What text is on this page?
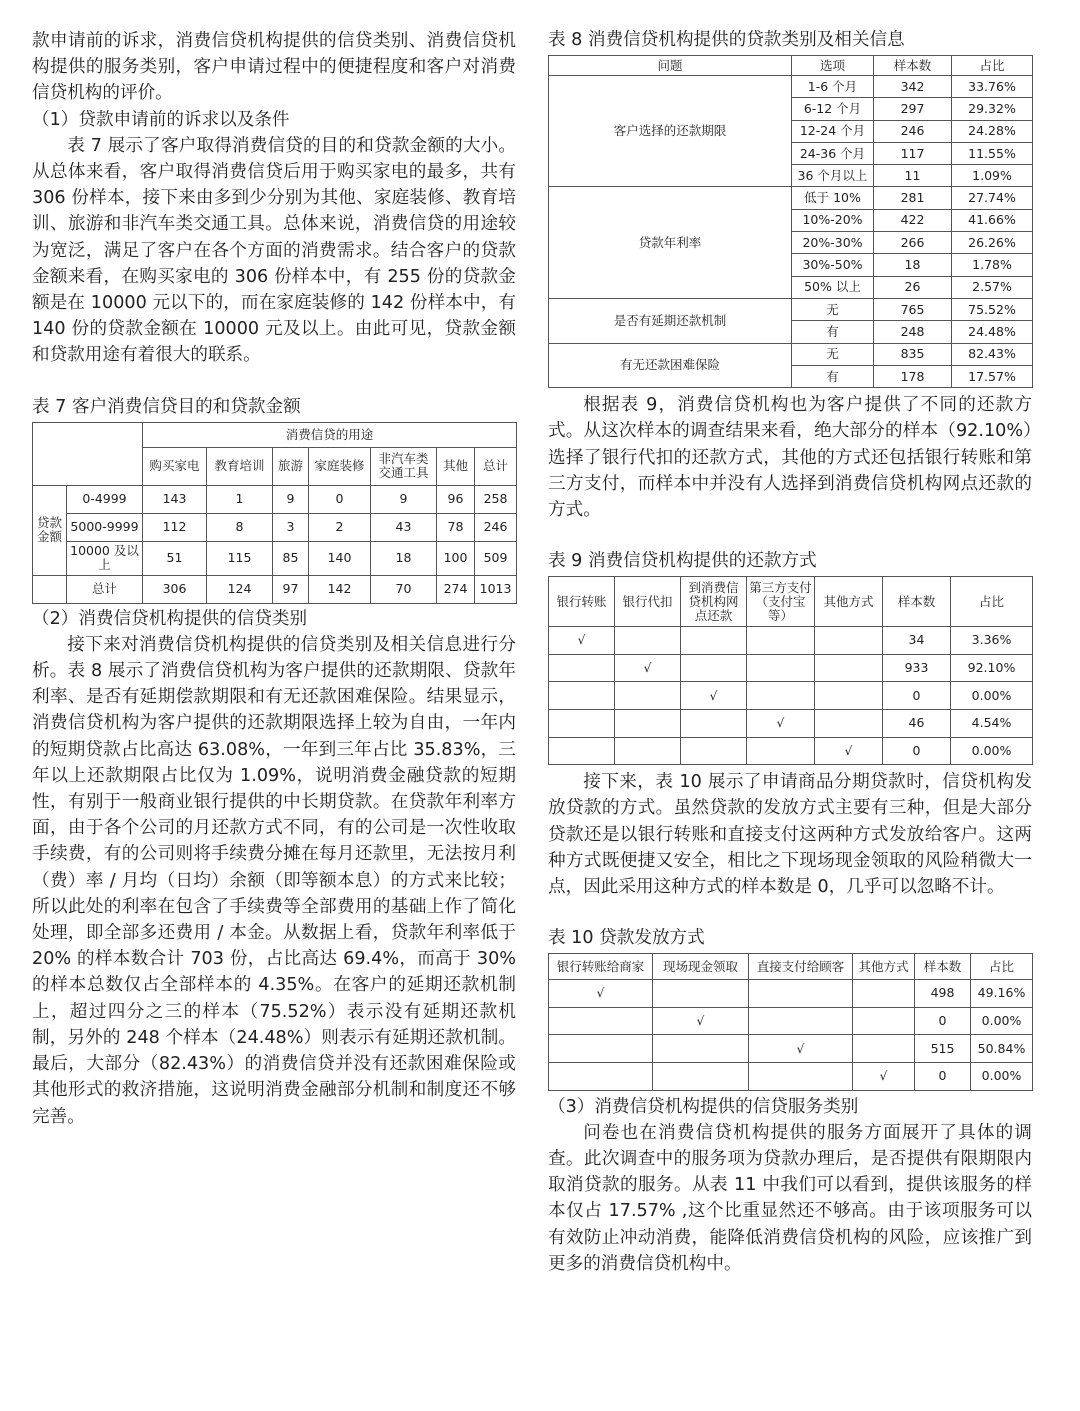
款申请前的诉求，消费信贷机构提供的信贷类别、消费信贷机构提供的服务类别，客户申请过程中的便捷程度和客户对消费信贷机构的评价。

（1）贷款申请前的诉求以及条件

表 7 展示了客户取得消费信贷的目的和贷款金额的大小。从总体来看，客户取得消费信贷后用于购买家电的最多，共有 306 份样本，接下来由多到少分别为其他、家庭装修、教育培训、旅游和非汽车类交通工具。总体来说，消费信贷的用途较为宽泛，满足了客户在各个方面的消费需求。结合客户的贷款金额来看，在购买家电的 306 份样本中，有 255 份的贷款金额是在 10000 元以下的，而在家庭装修的 142 份样本中，有 140 份的贷款金额在 10000 元及以上。由此可见，贷款金额和贷款用途有着很大的联系。

表 7 客户消费信贷目的和贷款金额
		消费信贷的用途						
		购买家电	教育培训	旅游	家庭装修	非汽车类交通工具	其他	总计
贷款金额	0-4999	143	1	9	0	9	96	258
	5000-9999	112	8	3	2	43	78	246
	10000 及以上	51	115	85	140	18	100	509
	总计	306	124	97	142	70	274	1013
（2）消费信贷机构提供的信贷类别

接下来对消费信贷机构提供的信贷类别及相关信息进行分析。表 8 展示了消费信贷机构为客户提供的还款期限、贷款年利率、是否有延期偿款期限和有无还款困难保险。结果显示，消费信贷机构为客户提供的还款期限选择上较为自由，一年内的短期贷款占比高达 63.08%，一年到三年占比 35.83%，三年以上还款期限占比仅为 1.09%，说明消费金融贷款的短期性，有别于一般商业银行提供的中长期贷款。在贷款年利率方面，由于各个公司的月还款方式不同，有的公司是一次性收取手续费，有的公司则将手续费分摊在每月还款里，无法按月利（费）率 / 月均（日均）余额（即等额本息）的方式来比较；所以此处的利率在包含了手续费等全部费用的基础上作了简化处理，即全部多还费用 / 本金。从数据上看，贷款年利率低于 20% 的样本数合计 703 份，占比高达 69.4%，而高于 30% 的样本总数仅占全部样本的 4.35%。在客户的延期还款机制上，超过四分之三的样本（75.52%）表示没有延期还款机制，另外的 248 个样本（24.48%）则表示有延期还款机制。最后，大部分（82.43%）的消费信贷并没有还款困难保险或其他形式的救济措施，这说明消费金融部分机制和制度还不够完善。

表 8 消费信贷机构提供的贷款类别及相关信息
问题	选项	样本数	占比
客户选择的还款期限	1-6 个月	342	33.76%
	6-12 个月	297	29.32%
	12-24 个月	246	24.28%
	24-36 个月	117	11.55%
	36 个月以上	11	1.09%
贷款年利率	低于 10%	281	27.74%
	10%-20%	422	41.66%
	20%-30%	266	26.26%
	30%-50%	18	1.78%
	50% 以上	26	2.57%
是否有延期还款机制	无	765	75.52%
	有	248	24.48%
有无还款困难保险	无	835	82.43%
	有	178	17.57%

根据表 9，消费信贷机构也为客户提供了不同的还款方式。从这次样本的调查结果来看，绝大部分的样本（92.10%）选择了银行代扣的还款方式，其他的方式还包括银行转账和第三方支付，而样本中并没有人选择到消费信贷机构网点还款的方式。

表 9 消费信贷机构提供的还款方式
银行转账	银行代扣	到消费信贷机构网点还款	第三方支付（支付宝等）	其他方式	样本数	占比
√					34	3.36%
	√				933	92.10%
		√			0	0.00%
			√		46	4.54%
				√	0	0.00%

接下来，表 10 展示了申请商品分期贷款时，信贷机构发放贷款的方式。虽然贷款的发放方式主要有三种，但是大部分贷款还是以银行转账和直接支付这两种方式发放给客户。这两种方式既便捷又安全，相比之下现场现金领取的风险稍微大一点，因此采用这种方式的样本数是 0，几乎可以忽略不计。

表 10 贷款发放方式
银行转账给商家	现场现金领取	直接支付给顾客	其他方式	样本数	占比
√				498	49.16%
	√			0	0.00%
		√		515	50.84%
			√	0	0.00%
（3）消费信贷机构提供的信贷服务类别

问卷也在消费信贷机构提供的服务方面展开了具体的调查。此次调查中的服务项为贷款办理后，是否提供有限期限内取消贷款的服务。从表 11 中我们可以看到，提供该服务的样本仅占 17.57% ,这个比重显然还不够高。由于该项服务可以有效防止冲动消费，能降低消费信贷机构的风险，应该推广到更多的消费信贷机构中。
